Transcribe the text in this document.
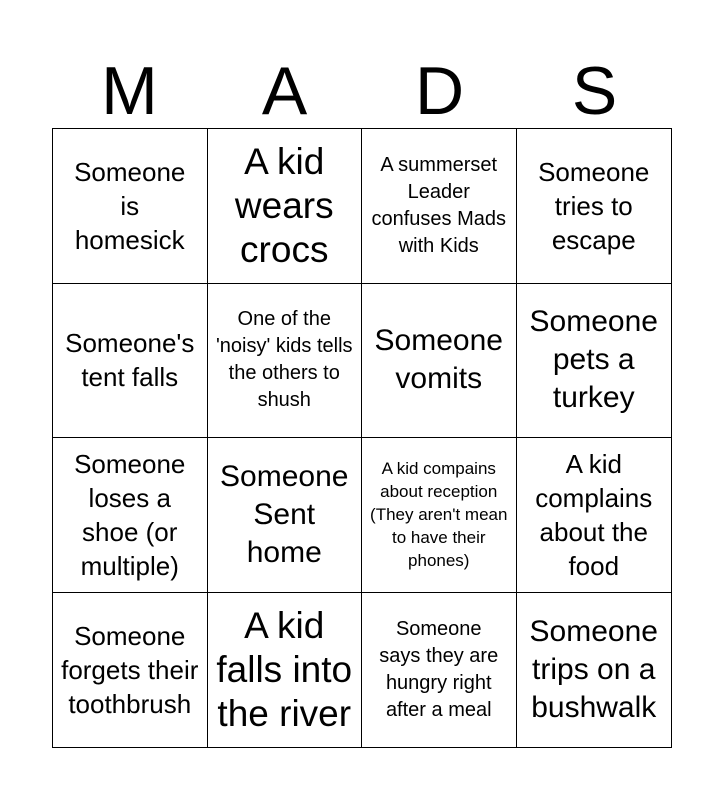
M	A	D	S
Someone is homesick
A kid wears crocs
A summerset Leader confuses Mads with Kids
Someone tries to escape
Someone's tent falls
One of the 'noisy' kids tells the others to shush
Someone vomits
Someone pets a turkey
Someone loses a shoe (or multiple)
Someone Sent home
A kid compains about reception (They aren't mean to have their phones)
A kid complains about the food
Someone forgets their toothbrush
A kid falls into the river
Someone says they are hungry right after a meal
Someone trips on a bushwalk
